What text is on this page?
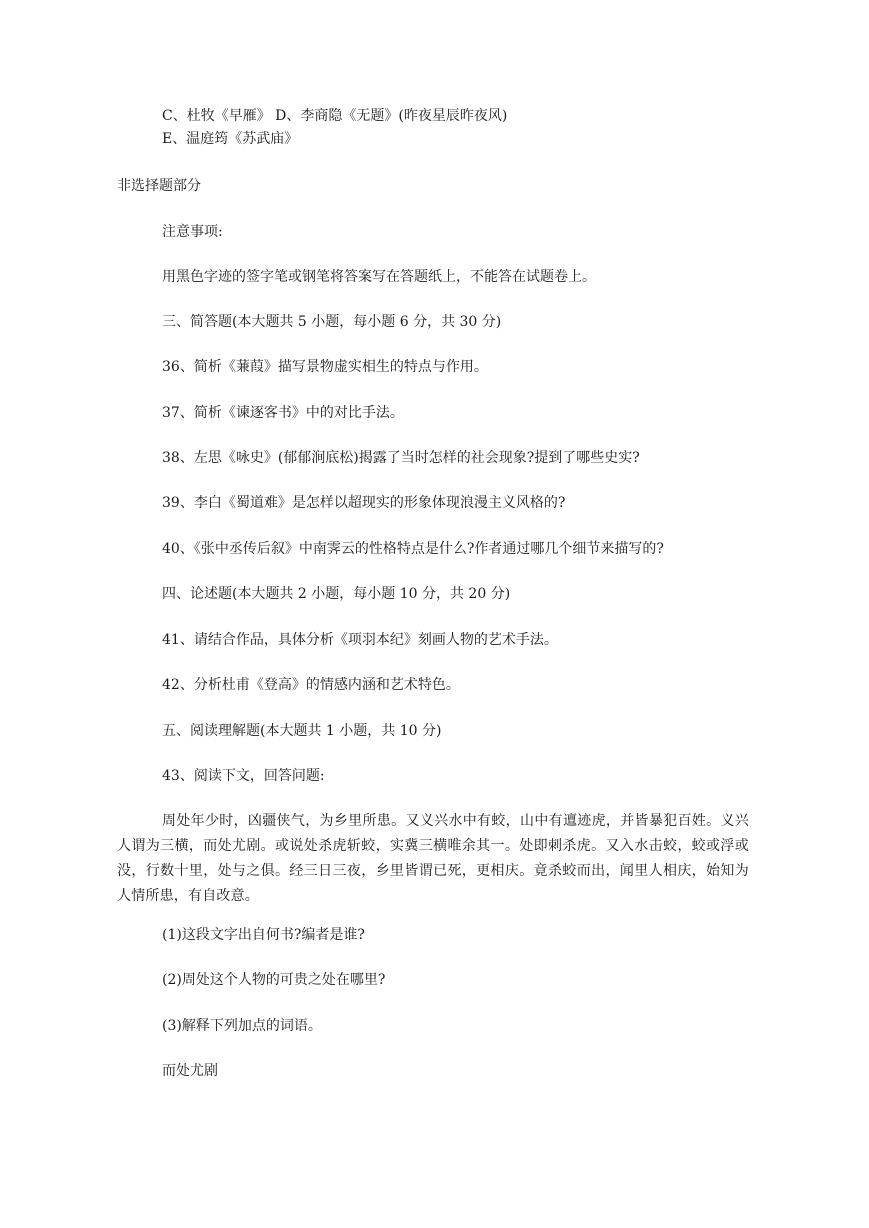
C、杜牧《早雁》 D、李商隐《无题》(昨夜星辰昨夜风)

E、温庭筠《苏武庙》

非选择题部分

注意事项:

用黑色字迹的签字笔或钢笔将答案写在答题纸上，不能答在试题卷上。

三、简答题(本大题共 5 小题，每小题 6 分，共 30 分)

36、简析《蒹葭》描写景物虚实相生的特点与作用。

37、简析《谏逐客书》中的对比手法。

38、左思《咏史》(郁郁涧底松)揭露了当时怎样的社会现象?提到了哪些史实?

39、李白《蜀道难》是怎样以超现实的形象体现浪漫主义风格的?

40、《张中丞传后叙》中南霁云的性格特点是什么?作者通过哪几个细节来描写的?

四、论述题(本大题共 2 小题，每小题 10 分，共 20 分)

41、请结合作品，具体分析《项羽本纪》刻画人物的艺术手法。

42、分析杜甫《登高》的情感内涵和艺术特色。

五、阅读理解题(本大题共 1 小题，共 10 分)

43、阅读下文，回答问题:

周处年少时，凶疆侠气，为乡里所患。又义兴水中有蛟，山中有邅迹虎，并皆暴犯百姓。义兴人谓为三横，而处尤剧。或说处杀虎斩蛟，实冀三横唯余其一。处即刺杀虎。又入水击蛟，蛟或浮或没，行数十里，处与之俱。经三日三夜，乡里皆谓已死，更相庆。竟杀蛟而出，闻里人相庆，始知为人情所患，有自改意。

(1)这段文字出自何书?编者是谁?

(2)周处这个人物的可贵之处在哪里?

(3)解释下列加点的词语。

而处尤剧
